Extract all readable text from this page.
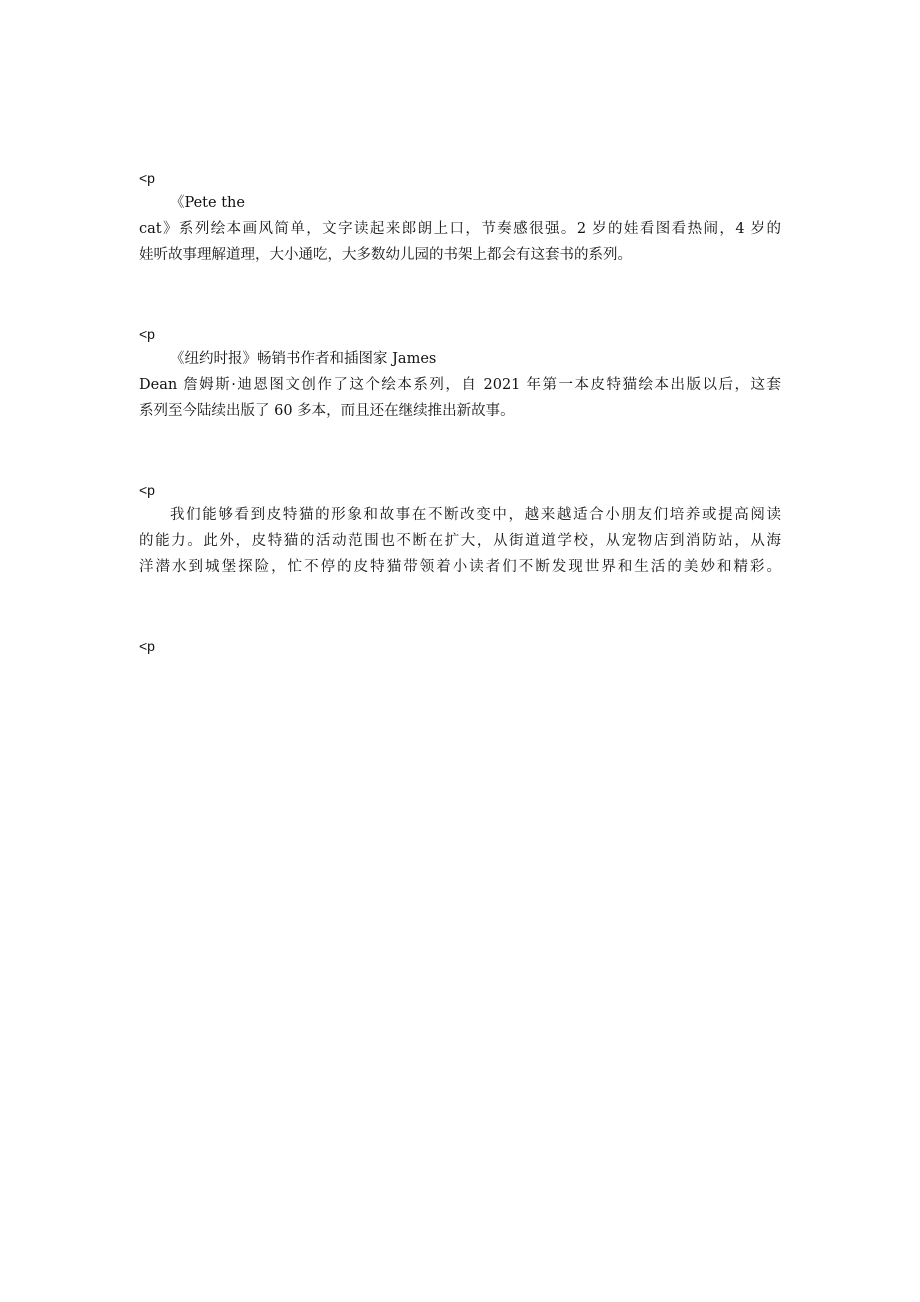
<p
《Pete the
cat》系列绘本画风简单，文字读起来郎朗上口，节奏感很强。2 岁的娃看图看热闹，4 岁的
娃听故事理解道理，大小通吃，大多数幼儿园的书架上都会有这套书的系列。
<p
《纽约时报》畅销书作者和插图家 James
Dean 詹姆斯·迪恩图文创作了这个绘本系列，自 2021 年第一本皮特猫绘本出版以后，这套
系列至今陆续出版了 60 多本，而且还在继续推出新故事。
<p
我们能够看到皮特猫的形象和故事在不断改变中，越来越适合小朋友们培养或提高阅读
的能力。此外，皮特猫的活动范围也不断在扩大，从街道道学校，从宠物店到消防站，从海
洋潜水到城堡探险，忙不停的皮特猫带领着小读者们不断发现世界和生活的美妙和精彩。
<p
